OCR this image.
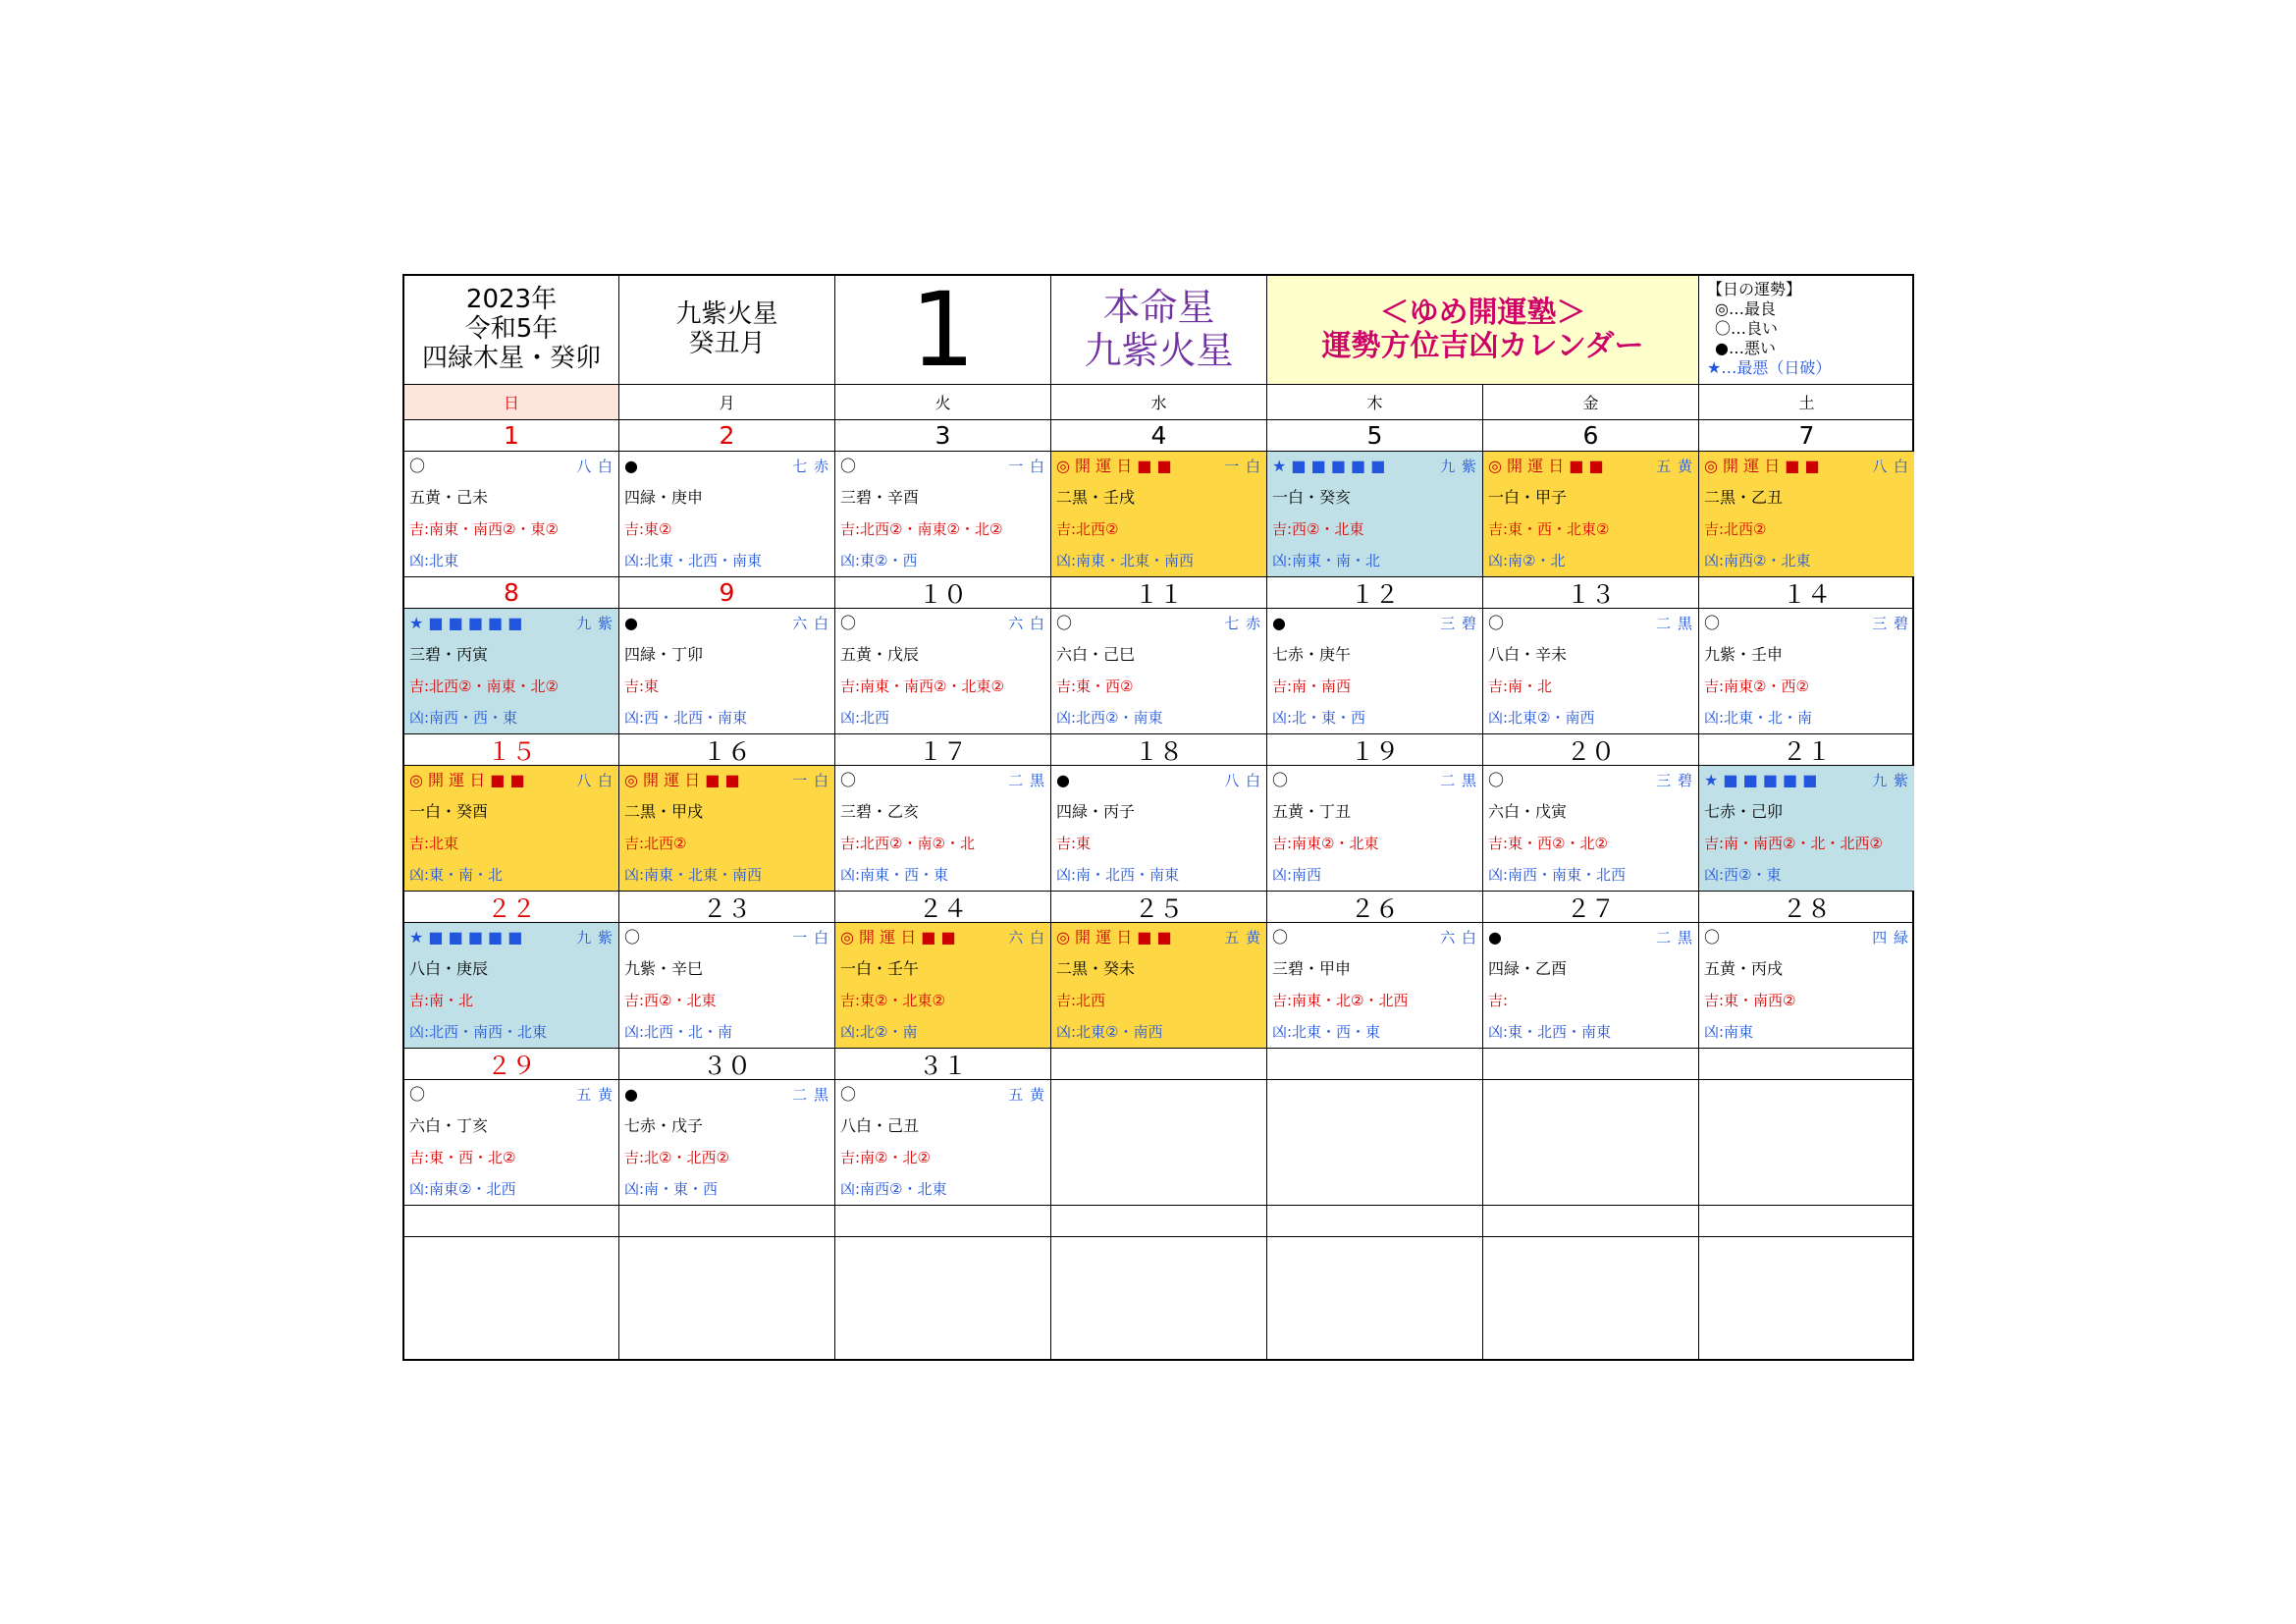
2023年
令和5年
四緑木星・癸卯
九紫火星
癸丑月 1	本命星
九紫火星
＜ゆめ開運塾＞
運勢方位吉凶カレンダー
【日の運勢】
◎…最良
〇…良い
●…悪い
★…最悪（日破）
日	月	火	水	木	金	土
1	2	3	4	5	6	7
〇	八 白
五黄・己未
吉:南東・南西②・東②
凶:北東
●	七 赤
四緑・庚申
吉:東②
凶:北東・北西・南東
〇	一 白
三碧・辛酉
吉:北西②・南東②・北②
凶:東②・西
◎ 開 運 日 ■ ■	一 白
二黒・壬戌
吉:北西②
凶:南東・北東・南西
★ ■ ■ ■ ■ ■	九 紫
一白・癸亥
吉:西②・北東
凶:南東・南・北
◎ 開 運 日 ■ ■	五 黄
一白・甲子
吉:東・西・北東②
凶:南②・北
◎ 開 運 日 ■ ■	八 白
二黒・乙丑
吉:北西②
凶:南西②・北東
8	9	１０	１１	１２	１３	１４
★ ■ ■ ■ ■ ■	九 紫
三碧・丙寅
吉:北西②・南東・北②
凶:南西・西・東
●	六 白
四緑・丁卯
吉:東
凶:西・北西・南東
〇	六 白
五黄・戊辰
吉:南東・南西②・北東②
凶:北西
〇	七 赤
六白・己巳
吉:東・西②
凶:北西②・南東
●	三 碧
七赤・庚午
吉:南・南西
凶:北・東・西
〇	二 黒
八白・辛未
吉:南・北
凶:北東②・南西
〇	三 碧
九紫・壬申
吉:南東②・西②
凶:北東・北・南
１５	１６	１７	１８	１９	２０	２１
◎ 開 運 日 ■ ■	八 白
一白・癸酉
吉:北東
凶:東・南・北
◎ 開 運 日 ■ ■	一 白
二黒・甲戌
吉:北西②
凶:南東・北東・南西
〇	二 黒
三碧・乙亥
吉:北西②・南②・北
凶:南東・西・東
●	八 白
四緑・丙子
吉:東
凶:南・北西・南東
〇	二 黒
五黄・丁丑
吉:南東②・北東
凶:南西
〇	三 碧
六白・戊寅
吉:東・西②・北②
凶:南西・南東・北西
★ ■ ■ ■ ■ ■	九 紫
七赤・己卯
吉:南・南西②・北・北西②
凶:西②・東
２２	２３	２４	２５	２６	２７	２８
★ ■ ■ ■ ■ ■	九 紫
八白・庚辰
吉:南・北
凶:北西・南西・北東
〇	一 白
九紫・辛巳
吉:西②・北東
凶:北西・北・南
◎ 開 運 日 ■ ■	六 白
一白・壬午
吉:東②・北東②
凶:北②・南
◎ 開 運 日 ■ ■	五 黄
二黒・癸未
吉:北西
凶:北東②・南西
〇	六 白
三碧・甲申
吉:南東・北②・北西
凶:北東・西・東
●	二 黒
四緑・乙酉
吉:
凶:東・北西・南東
〇	四 緑
五黄・丙戌
吉:東・南西②
凶:南東
２９	３０	３１
〇	五 黄
六白・丁亥
吉:東・西・北②
凶:南東②・北西
●	二 黒
七赤・戊子
吉:北②・北西②
凶:南・東・西
〇	五 黄
八白・己丑
吉:南②・北②
凶:南西②・北東
